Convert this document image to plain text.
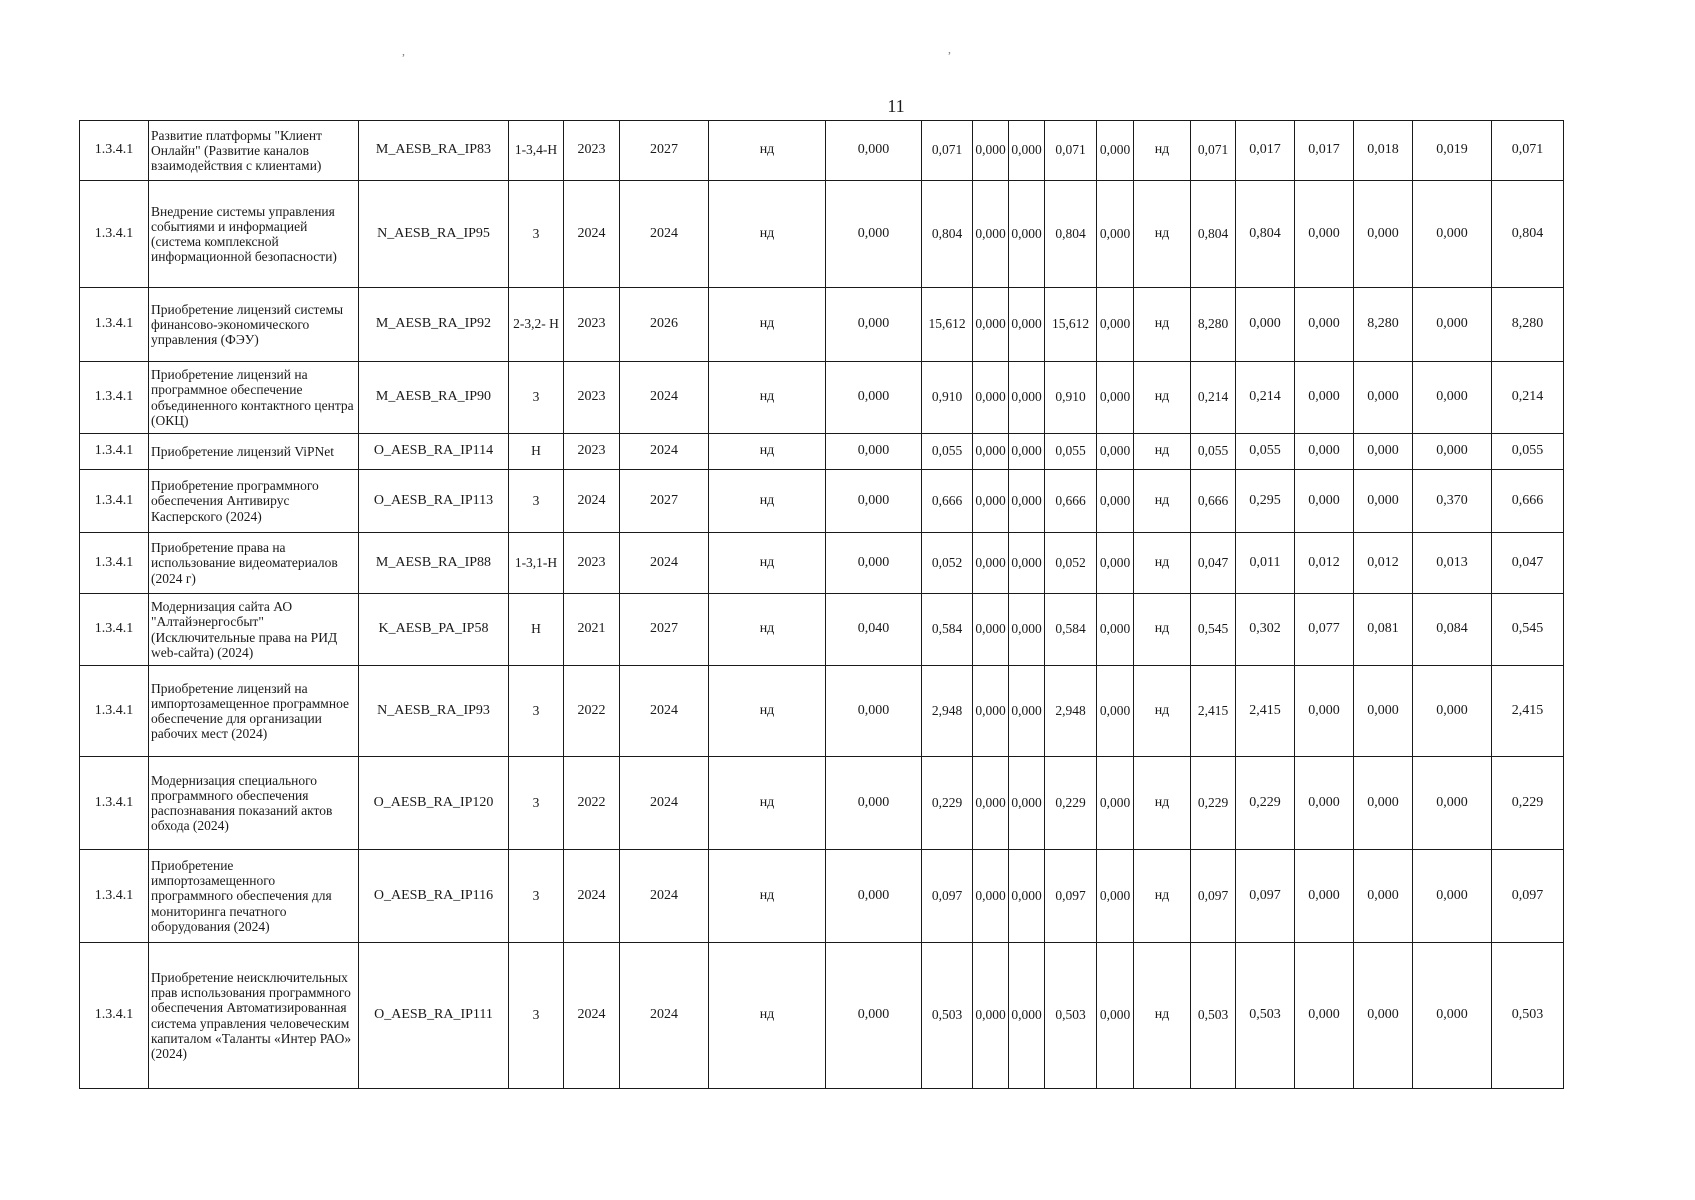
,	,
11
1.3.4.1	Развитие платформы "Клиент Онлайн" (Развитие каналов взаимодействия с клиентами)	M_AESB_RA_IP83	1-3,4-Н	2023	2027	нд	0,000	0,071	0,000	0,000	0,071	0,000	нд	0,071	0,017	0,017	0,018	0,019	0,071
1.3.4.1	Внедрение системы управления событиями и информацией (система комплексной информационной безопасности)	N_AESB_RA_IP95	3	2024	2024	нд	0,000	0,804	0,000	0,000	0,804	0,000	нд	0,804	0,804	0,000	0,000	0,000	0,804
1.3.4.1	Приобретение лицензий системы финансово-экономического управления (ФЭУ)	M_AESB_RA_IP92	2-3,2- Н	2023	2026	нд	0,000	15,612	0,000	0,000	15,612	0,000	нд	8,280	0,000	0,000	8,280	0,000	8,280
1.3.4.1	Приобретение лицензий на программное обеспечение объединенного контактного центра (ОКЦ)	M_AESB_RA_IP90	3	2023	2024	нд	0,000	0,910	0,000	0,000	0,910	0,000	нд	0,214	0,214	0,000	0,000	0,000	0,214
1.3.4.1	Приобретение лицензий ViPNet	O_AESB_RA_IP114	Н	2023	2024	нд	0,000	0,055	0,000	0,000	0,055	0,000	нд	0,055	0,055	0,000	0,000	0,000	0,055
1.3.4.1	Приобретение программного обеспечения Антивирус Касперского (2024)	O_AESB_RA_IP113	3	2024	2027	нд	0,000	0,666	0,000	0,000	0,666	0,000	нд	0,666	0,295	0,000	0,000	0,370	0,666
1.3.4.1	Приобретение права на использование видеоматериалов (2024 г)	M_AESB_RA_IP88	1-3,1-Н	2023	2024	нд	0,000	0,052	0,000	0,000	0,052	0,000	нд	0,047	0,011	0,012	0,012	0,013	0,047
1.3.4.1	Модернизация сайта АО "Алтайэнергосбыт" (Исключительные права на РИД web-сайта) (2024)	K_AESB_PA_IP58	Н	2021	2027	нд	0,040	0,584	0,000	0,000	0,584	0,000	нд	0,545	0,302	0,077	0,081	0,084	0,545
1.3.4.1	Приобретение лицензий на импортозамещенное программное обеспечение для организации рабочих мест (2024)	N_AESB_RA_IP93	3	2022	2024	нд	0,000	2,948	0,000	0,000	2,948	0,000	нд	2,415	2,415	0,000	0,000	0,000	2,415
1.3.4.1	Модернизация специального программного обеспечения распознавания показаний актов обхода (2024)	O_AESB_RA_IP120	3	2022	2024	нд	0,000	0,229	0,000	0,000	0,229	0,000	нд	0,229	0,229	0,000	0,000	0,000	0,229
1.3.4.1	Приобретение импортозамещенного программного обеспечения для мониторинга печатного оборудования (2024)	O_AESB_RA_IP116	3	2024	2024	нд	0,000	0,097	0,000	0,000	0,097	0,000	нд	0,097	0,097	0,000	0,000	0,000	0,097
1.3.4.1	Приобретение неисключительных прав использования программного обеспечения Автоматизированная система управления человеческим капиталом «Таланты «Интер РАО» (2024)	O_AESB_RA_IP111	3	2024	2024	нд	0,000	0,503	0,000	0,000	0,503	0,000	нд	0,503	0,503	0,000	0,000	0,000	0,503
